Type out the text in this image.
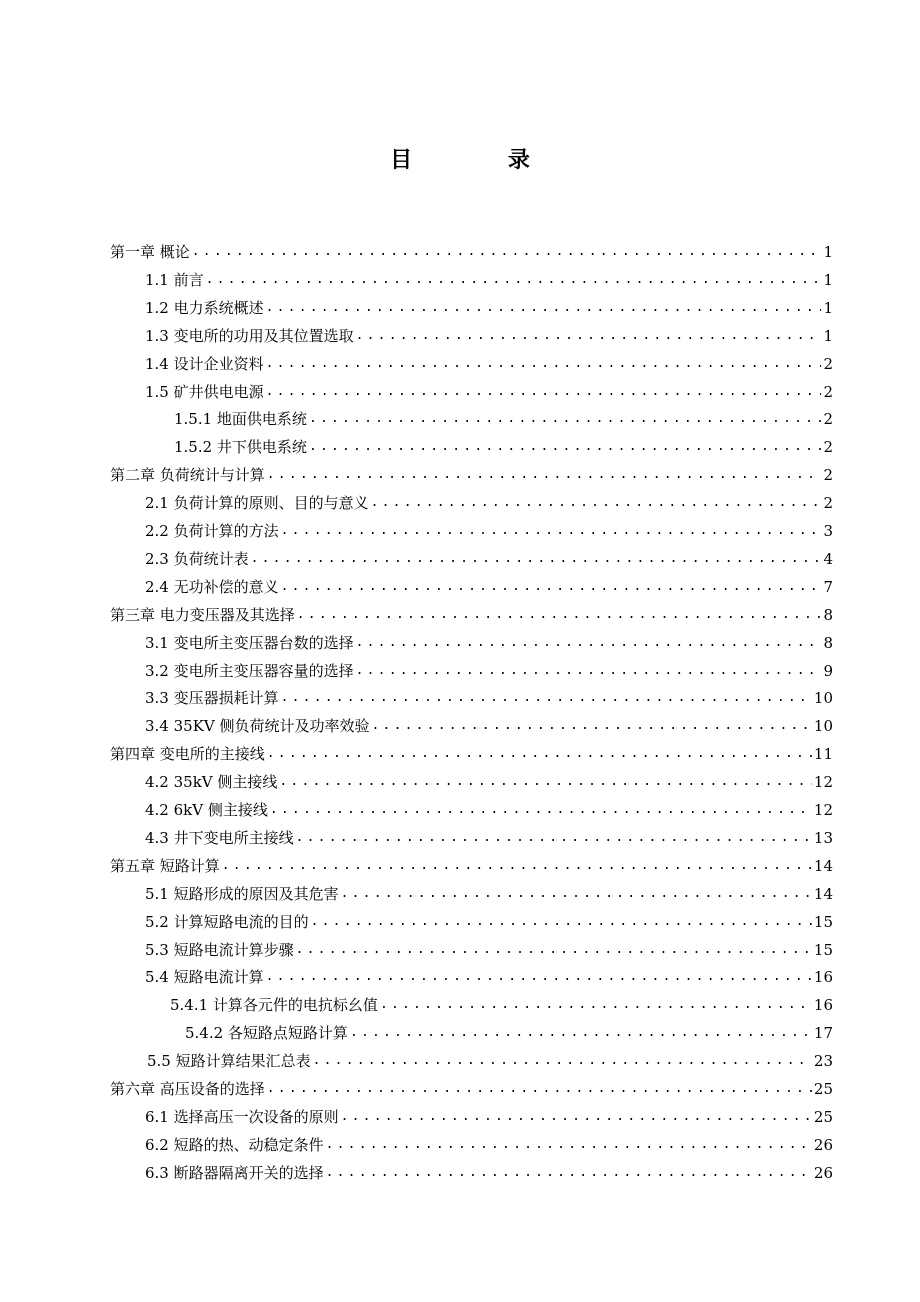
目 录
第一章 概论 .....	1
1.1 前言 .....	1
1.2 电力系统概述 .....	1
1.3 变电所的功用及其位置选取 .....	1
1.4 设计企业资料 .....	2
1.5 矿井供电电源 .....	2
1.5.1 地面供电系统 .....	2
1.5.2 井下供电系统 .....	2
第二章 负荷统计与计算 .....	2
2.1 负荷计算的原则、目的与意义 .....	2
2.2 负荷计算的方法 .....	3
2.3 负荷统计表 .....	4
2.4 无功补偿的意义 .....	7
第三章 电力变压器及其选择 .....	8
3.1 变电所主变压器台数的选择 .....	8
3.2 变电所主变压器容量的选择 .....	9
3.3 变压器损耗计算 .....	10
3.4 35KV 侧负荷统计及功率效验 .....	10
第四章 变电所的主接线 .....	11
4.2 35kV 侧主接线 .....	12
4.2 6kV 侧主接线 .....	12
4.3 井下变电所主接线 .....	13
第五章 短路计算 .....	14
5.1 短路形成的原因及其危害 .....	14
5.2 计算短路电流的目的 .....	15
5.3 短路电流计算步骤 .....	15
5.4 短路电流计算 .....	16
5.4.1 计算各元件的电抗标幺值 .....	16
5.4.2 各短路点短路计算 .....	17
5.5 短路计算结果汇总表 .....	23
第六章 高压设备的选择 .....	25
6.1 选择高压一次设备的原则 .....	25
6.2 短路的热、动稳定条件 .....	26
6.3 断路器隔离开关的选择 .....	26
